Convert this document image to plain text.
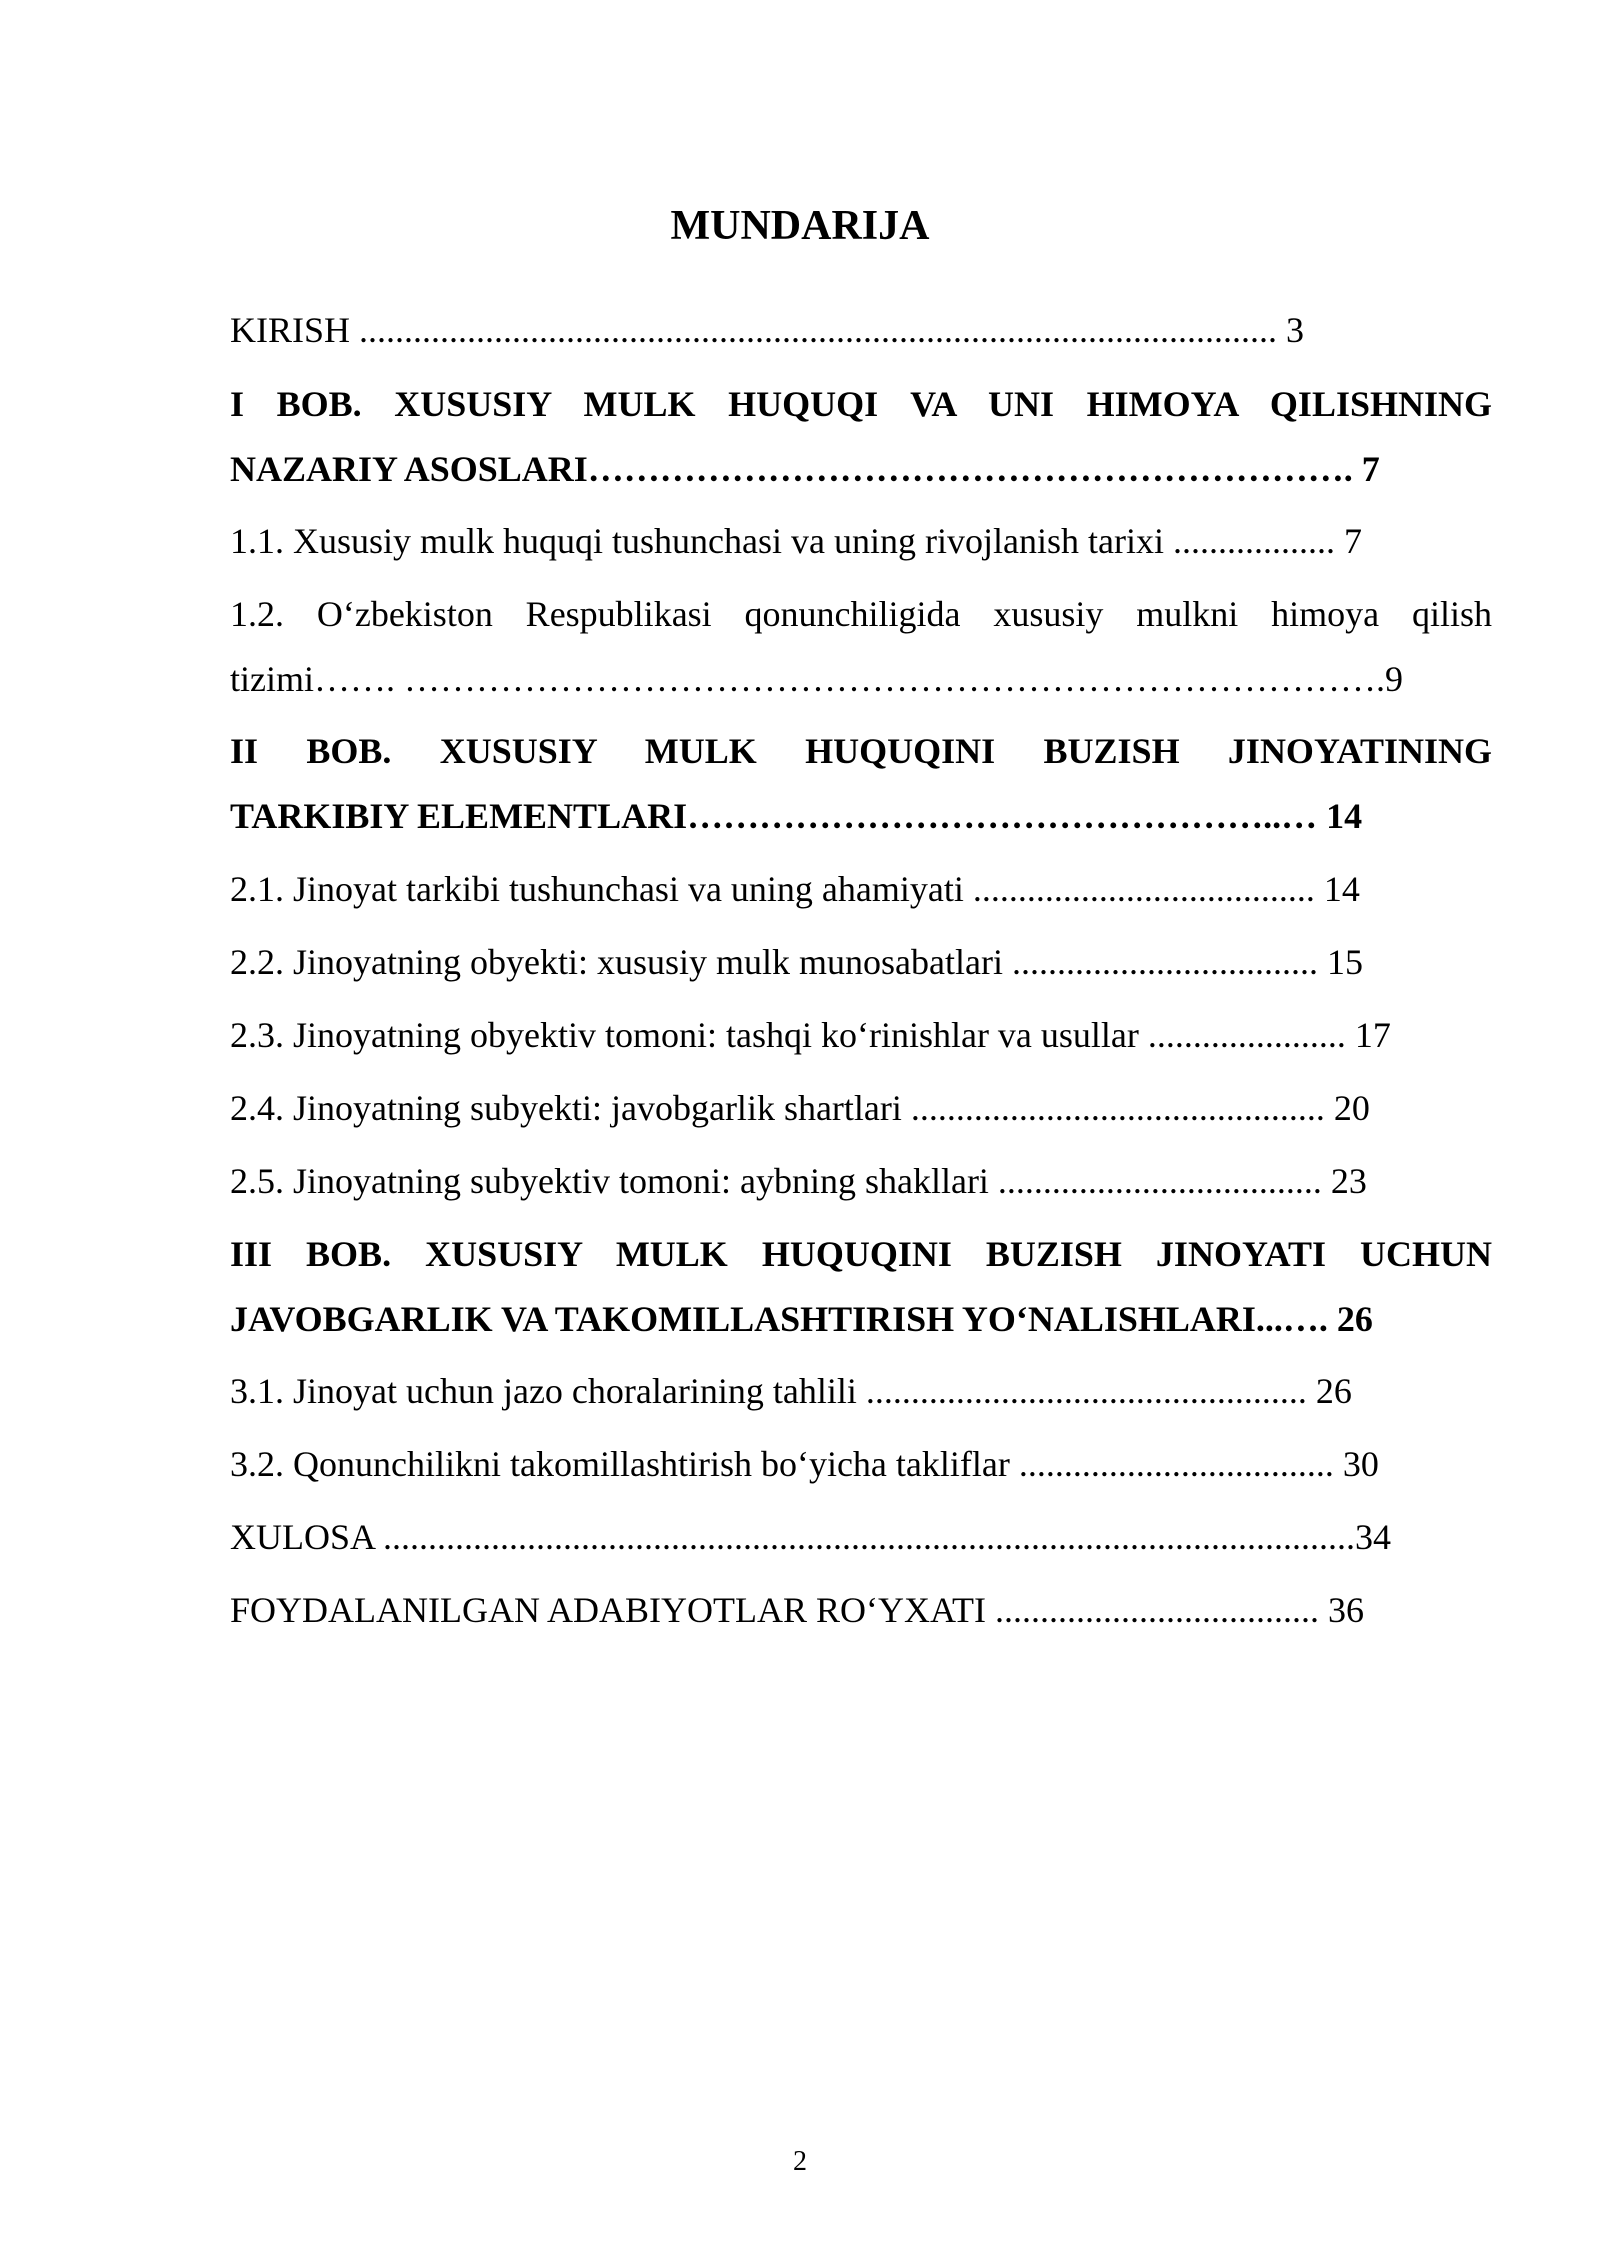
MUNDARIJA
KIRISH ...................................................................................................... 3
I BOB. XUSUSIY MULK HUQUQI VA UNI HIMOYA QILISHNING
NAZARIY ASOSLARI………………………………………………………. 7
1.1. Xususiy mulk huquqi tushunchasi va uning rivojlanish tarixi .................. 7
1.2. O‘zbekiston Respublikasi qonunchiligida xususiy mulkni himoya qilish
tizimi……. ……………………………………………………………………….9
II BOB. XUSUSIY MULK HUQUQINI BUZISH JINOYATINING
TARKIBIY ELEMENTLARI…………………………………………..… 14
2.1. Jinoyat tarkibi tushunchasi va uning ahamiyati ...................................... 14
2.2. Jinoyatning obyekti: xususiy mulk munosabatlari .................................. 15
2.3. Jinoyatning obyektiv tomoni: tashqi ko‘rinishlar va usullar ...................... 17
2.4. Jinoyatning subyekti: javobgarlik shartlari .............................................. 20
2.5. Jinoyatning subyektiv tomoni: aybning shakllari .................................... 23
III BOB. XUSUSIY MULK HUQUQINI BUZISH JINOYATI UCHUN
JAVOBGARLIK VA TAKOMILLASHTIRISH YO‘NALISHLARI...…. 26
3.1. Jinoyat uchun jazo choralarining tahlili ................................................. 26
3.2. Qonunchilikni takomillashtirish bo‘yicha takliflar ................................... 30
XULOSA ............................................................................................................34
FOYDALANILGAN ADABIYOTLAR RO‘YXATI .................................... 36
2
